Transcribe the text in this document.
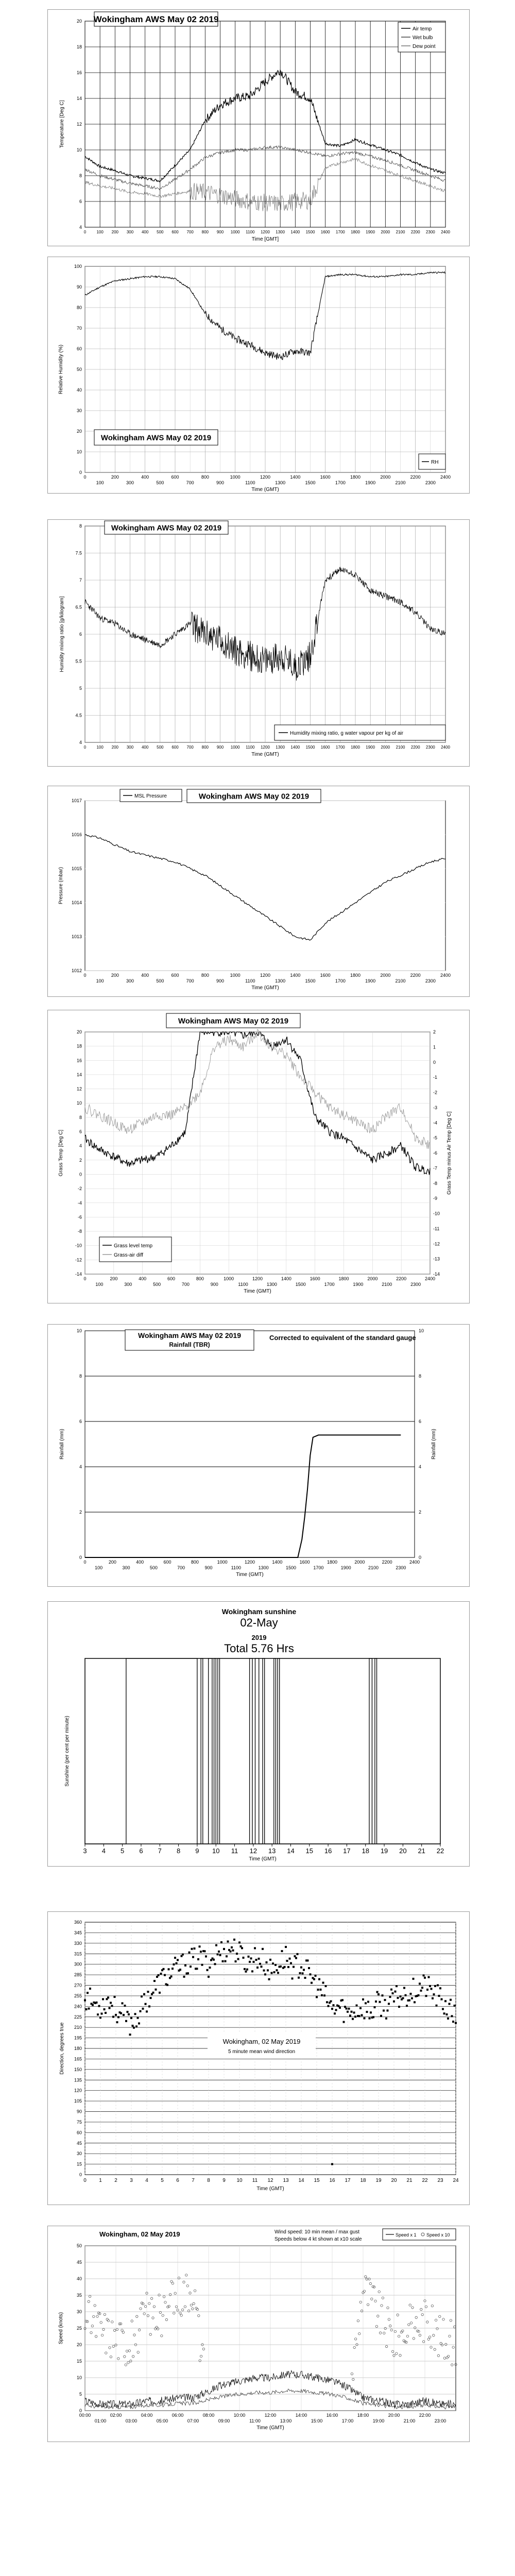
4
6
8
10
12
14
16
18
20
0	100 200 300 400 500 600 700 800 900 1000 1100 1200 1300 1400 1500 1600 1700 1800 1900 2000 2100 2200 2300 2400
Temperature [Deg C]
Time [GMT]
Wokingham AWS May 02 2019
Air temp
Wet bulb
Dew point
0
10
20
30
40
50
60
70
80
90
100
0	200	400	600	800	1000	1200	1400	1600	1800	2000	2200	2400
100	300	500	700	900	1100	1300	1500	1700	1900	2100	2300
Relative Humidity (%)
Time (GMT)
Wokingham AWS May 02 2019
RH
4
4.5
5
5.5
6
6.5
7
7.5
8
0	100 200 300 400 500 600 700 800 900 1000 1100 1200 1300 1400 1500 1600 1700 1800 1900 2000 2100 2200 2300 2400
Humidity mixing ratio [g/kilogram]
Time (GMT)
Wokingham AWS May 02 2019
Humidity mixing ratio, g water vapour per kg of air
1012
1013
1014
1015
1016
1017
0	200	400	600	800	1000	1200	1400	1600	1800	2000	2200	2400
100	300	500	700	900	1100	1300	1500	1700	1900	2100	2300
Pressure (mbar)
Time (GMT)
Wokingham AWS May 02 2019
MSL Pressure
-14
-12
-10
-8
-6
-4
-2
0
2
4
6
8
10
12
14
16
18
20
0	200	400	600	800	1000	1200	1400	1600	1800	2000	2200	2400
100	300	500	700	900	1100	1300	1500	1700	1900	2100	2300
-14
-13
-12
-11
-10
-9
-8
-7
-6
-5
-4
-3
-2
-1
0
1
2
Grass Temp [Deg C]	Grass Temp minus Air Temp [Deg C]
Time (GMT)
Wokingham AWS May 02 2019
Grass level temp
Grass-air diff
0
2
4
6
8
10
0
2
4
6
8
10
0	200	400	600	800	1000	1200	1400	1600	1800	2000	2200	2400
100	300	500	700	900	1100	1300	1500	1700	1900	2100	2300
Rainfall (mm)	Rainfall (mm)
Time (GMT)
Wokingham AWS May 02 2019
Rainfall (TBR)
Corrected to equivalent of the standard gauge
3 4 5 6 7 8 9 10 11 12 13 14 15 16 17 18 19 20 21 22
Sunshine (per cent per minute)
Time (GMT)
Wokingham sunshine
02-May
2019
Total 5.76 Hrs
0
15
30
45
60
75
90
105
120
135
150
165
180
195
210
225
240
255
270
285
300
315
330
345
360
0 1 2 3 4 5 6 7 8 9 10 11 12 13 14 15 16 17 18 19 20 21 22 23 24
Direction, degrees true
Time (GMT)
Wokingham, 02 May 2019
5 minute mean wind direction
0
5
10
15
20
25
30
35
40
45
50
00:00	02:00	04:00	06:00	08:00	10:00	12:00	14:00	16:00	18:00	20:00	22:00
01:00	03:00	05:00	07:00	09:00	11:00	13:00	15:00	17:00	19:00	21:00	23:00
Speed (knots)
Time (GMT)
Wokingham, 02 May 2019	Wind speed: 10 min mean / max gust
Speeds below 4 kt shown at x10 scale
Speed x 1 Speed x 10
